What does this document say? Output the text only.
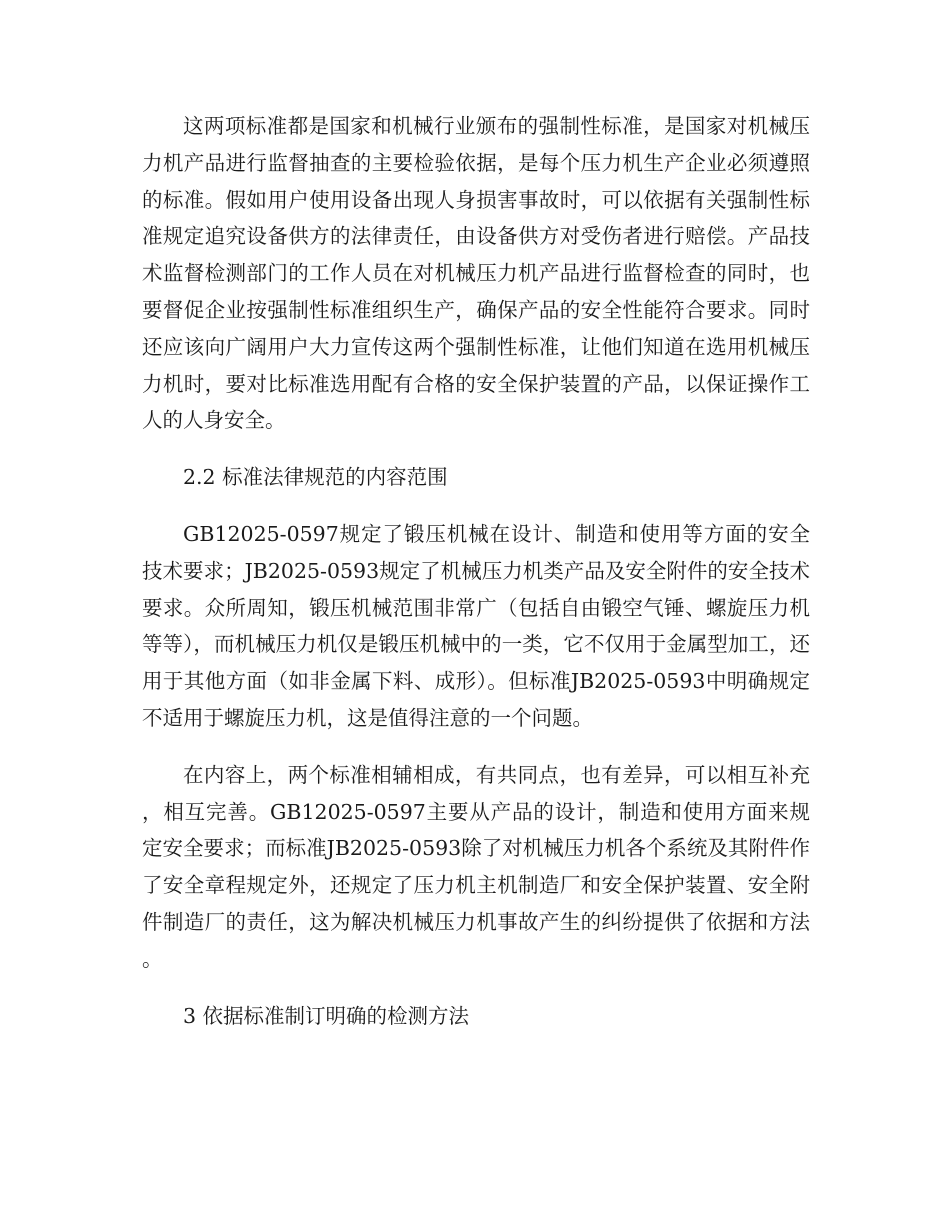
这两项标准都是国家和机械行业颁布的强制性标准，是国家对机械压力机产品进行监督抽查的主要检验依据，是每个压力机生产企业必须遵照的标准。假如用户使用设备出现人身损害事故时，可以依据有关强制性标准规定追究设备供方的法律责任，由设备供方对受伤者进行赔偿。产品技术监督检测部门的工作人员在对机械压力机产品进行监督检查的同时，也要督促企业按强制性标准组织生产，确保产品的安全性能符合要求。同时还应该向广阔用户大力宣传这两个强制性标准，让他们知道在选用机械压力机时，要对比标准选用配有合格的安全保护装置的产品，以保证操作工人的人身安全。

2.2 标准法律规范的内容范围

GB12025-0597规定了锻压机械在设计、制造和使用等方面的安全技术要求；JB2025-0593规定了机械压力机类产品及安全附件的安全技术要求。众所周知，锻压机械范围非常广（包括自由锻空气锤、螺旋压力机等等），而机械压力机仅是锻压机械中的一类，它不仅用于金属型加工，还用于其他方面（如非金属下料、成形）。但标准JB2025-0593中明确规定不适用于螺旋压力机，这是值得注意的一个问题。

在内容上，两个标准相辅相成，有共同点，也有差异，可以相互补充，相互完善。GB12025-0597主要从产品的设计，制造和使用方面来规定安全要求；而标准JB2025-0593除了对机械压力机各个系统及其附件作了安全章程规定外，还规定了压力机主机制造厂和安全保护装置、安全附件制造厂的责任，这为解决机械压力机事故产生的纠纷提供了依据和方法。

3 依据标准制订明确的检测方法
